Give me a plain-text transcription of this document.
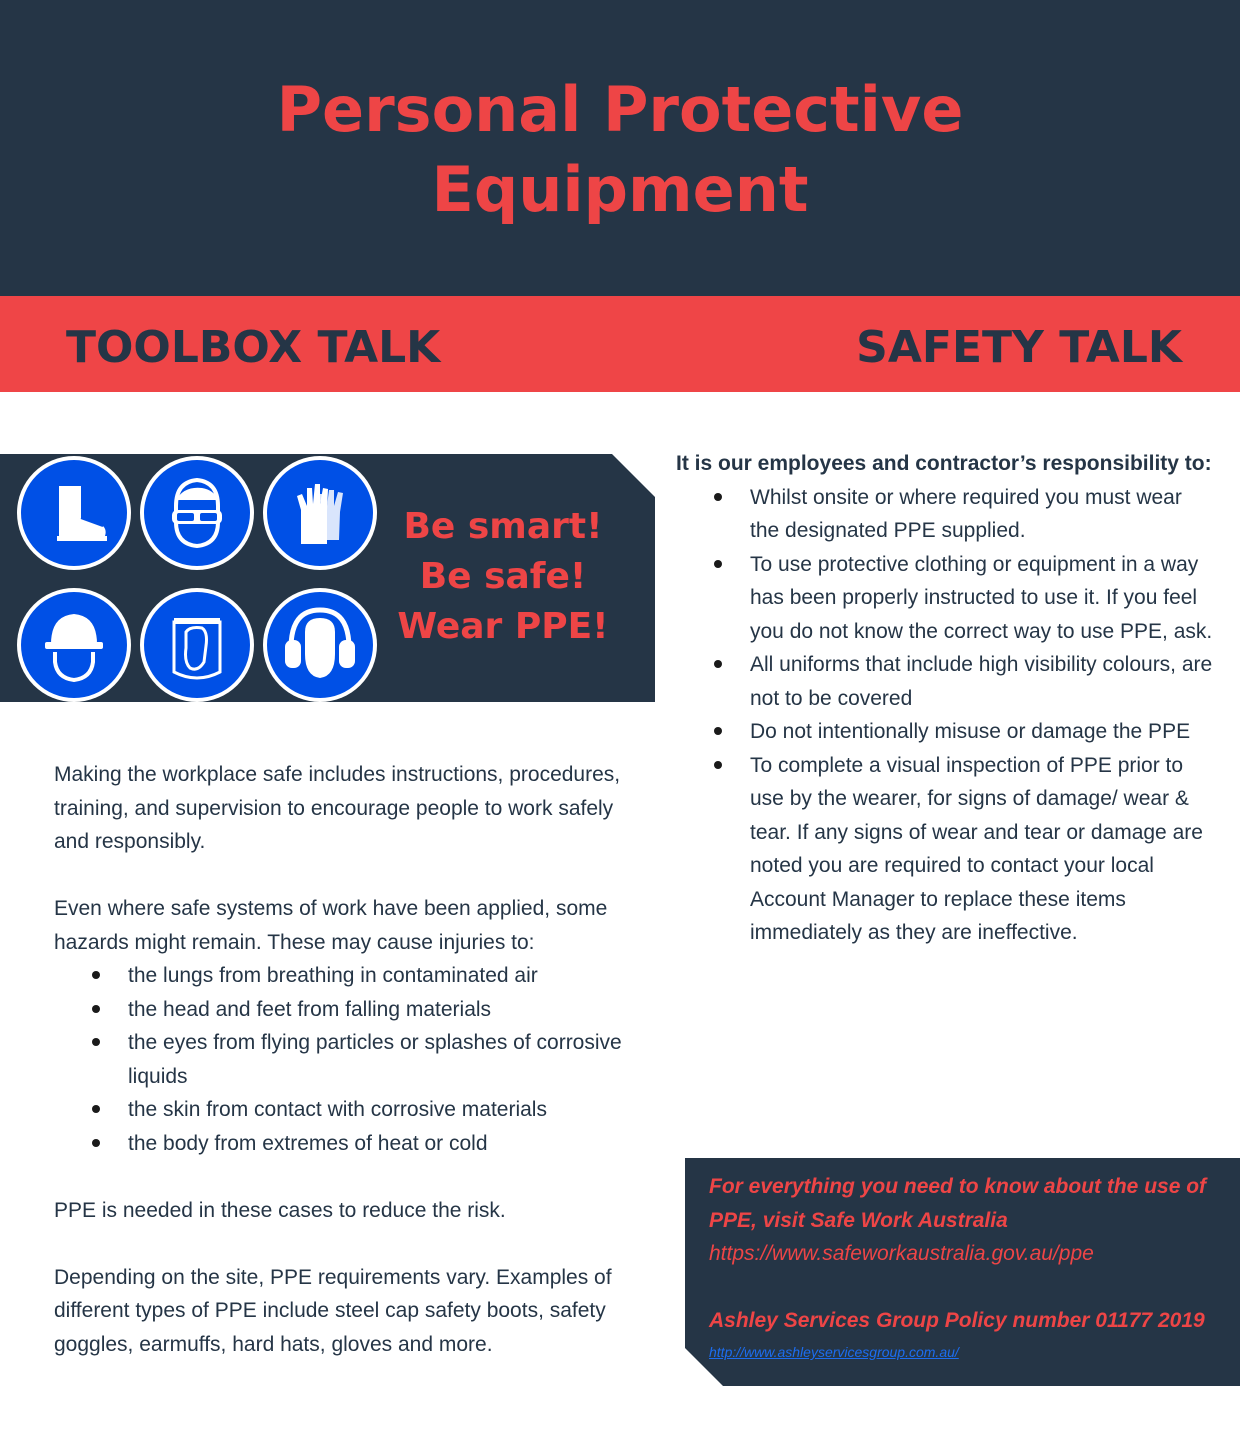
Personal Protective
Equipment
TOOLBOX TALK	SAFETY TALK
Be smart!
Be safe!
Wear PPE!

Making the workplace safe includes instructions, procedures, training, and supervision to encourage people to work safely and responsibly.

Even where safe systems of work have been applied, some hazards might remain. These may cause injuries to:

the lungs from breathing in contaminated air
the head and feet from falling materials
the eyes from flying particles or splashes of corrosive liquids
the skin from contact with corrosive materials
the body from extremes of heat or cold

PPE is needed in these cases to reduce the risk.

Depending on the site, PPE requirements vary. Examples of different types of PPE include steel cap safety boots, safety goggles, earmuffs, hard hats, gloves and more.

It is our employees and contractor’s responsibility to:

Whilst onsite or where required you must wear the designated PPE supplied.
To use protective clothing or equipment in a way has been properly instructed to use it. If you feel you do not know the correct way to use PPE, ask.
All uniforms that include high visibility colours, are not to be covered
Do not intentionally misuse or damage the PPE
To complete a visual inspection of PPE prior to use by the wearer, for signs of damage/ wear & tear. If any signs of wear and tear or damage are noted you are required to contact your local Account Manager to replace these items immediately as they are ineffective.

For everything you need to know about the use of PPE, visit Safe Work Australia

https://www.safeworkaustralia.gov.au/ppe

Ashley Services Group Policy number 01177 2019

http://www.ashleyservicesgroup.com.au/
